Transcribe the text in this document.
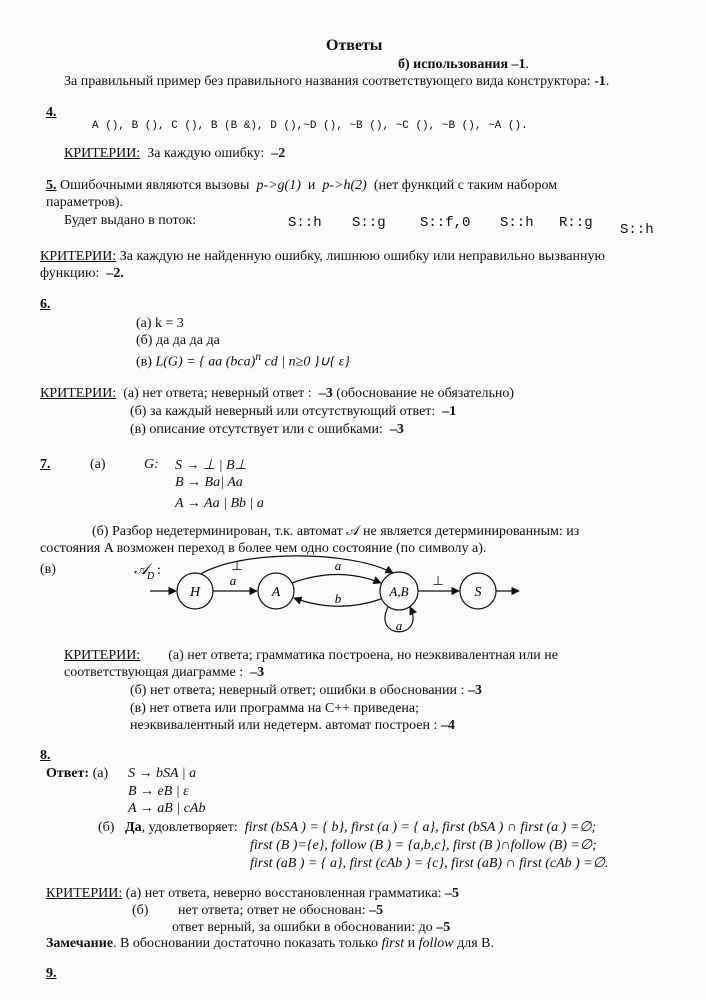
Ответы
б) использования –1.
За правильный пример без правильного названия соответствующего вида конструктора: -1.
4.
A (), B (), C (), B (B &), D (),~D (), ~B (), ~C (), ~B (), ~A ().
КРИТЕРИИ: За каждую ошибку: –2
5. Ошибочными являются вызовы p->g(1) и p->h(2) (нет функций с таким набором
параметров).
Будет выдано в поток:	S::h S::g S::f,0 S::h R::g S::h
КРИТЕРИИ: За каждую не найденную ошибку, лишнюю ошибку или неправильно вызванную
функцию: –2.
6.
(а) k = 3
(б) да да да да
(в) L(G) = { aa (bca)$^n$ cd | n≥0 }∪{ ε}
КРИТЕРИИ: (а) нет ответа; неверный ответ : –3 (обоснование не обязательно)
(б) за каждый неверный или отсутствующий ответ: –1
(в) описание отсутствует или с ошибками: –3
7.	(а)	G: S → ⊥ | B⊥
B → Ba| Aa
A → Aa | Bb | a
(б) Разбор недетерминирован, т.к. автомат 𝒜 не является детерминированным: из
состояния A возможен переход в более чем одно состояние (по символу a).
(в)	𝒜
D :
H	A	A,B	S
a
a
b
a
⊥
⊥
КРИТЕРИИ: (а) нет ответа; грамматика построена, но неэквивалентная или не
соответствующая диаграмме : –3
(б) нет ответа; неверный ответ; ошибки в обосновании : –3
(в) нет ответа или программа на С++ приведена;
неэквивалентный или недетерм. автомат построен : –4
8.
Ответ: (а) S → bSA | a
B → eB | ε
A → aB | cAb
(б) Да, удовлетворяет: first (bSA ) = { b}, first (a ) = { a}, first (bSA ) ∩ first (a ) =∅;
first (B )={e}, follow (B ) = {a,b,c}, first (B )∩follow (B) =∅;
first (aB ) = { a}, first (cAb ) = {c}, first (aB) ∩ first (cAb ) =∅.
КРИТЕРИИ: (а) нет ответа, неверно восстановленная грамматика: –5
(б) нет ответа; ответ не обоснован: –5
ответ верный, за ошибки в обосновании: до –5
Замечание. В обосновании достаточно показать только first и follow для B.
9.
